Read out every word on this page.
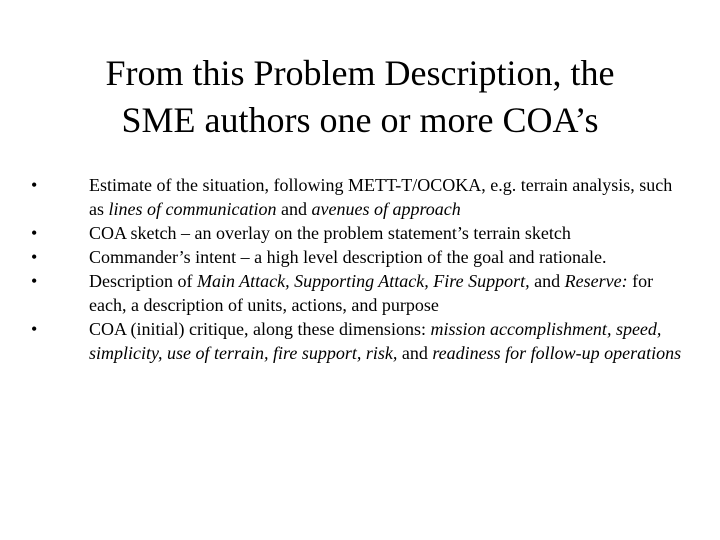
From this Problem Description, the
SME authors one or more COA’s
•	Estimate of the situation, following METT-T/OCOKA, e.g. terrain analysis, such as lines of communication and avenues of approach
•	COA sketch – an overlay on the problem statement’s terrain sketch
•	Commander’s intent – a high level description of the goal and rationale.
•	Description of Main Attack, Supporting Attack, Fire Support, and Reserve: for each, a description of units, actions, and purpose
•	COA (initial) critique, along these dimensions: mission accomplishment, speed, simplicity, use of terrain, fire support, risk, and readiness for follow-up operations
